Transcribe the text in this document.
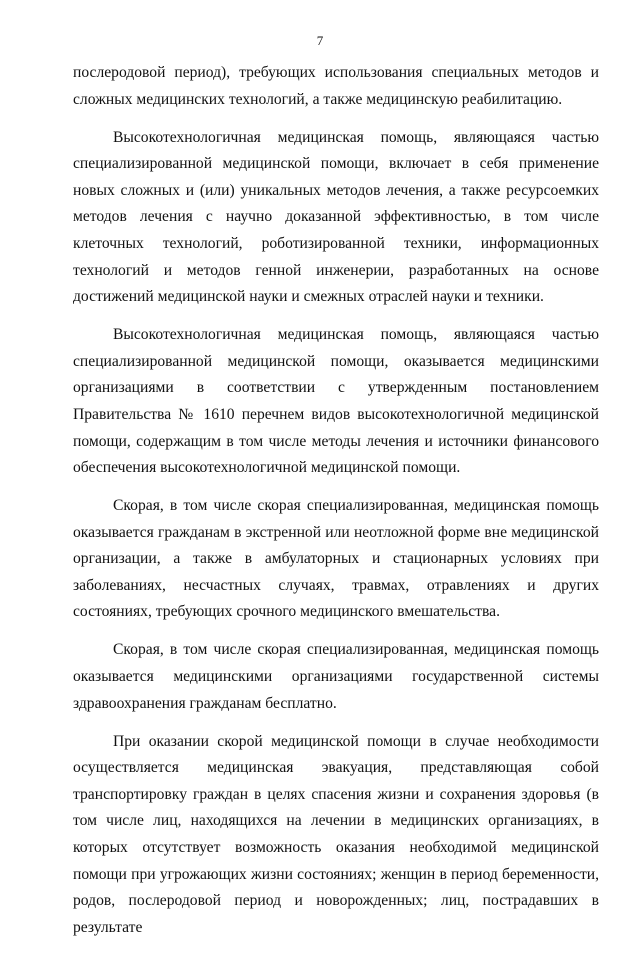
7

послеродовой период), требующих использования специальных методов и сложных медицинских технологий, а также медицинскую реабилитацию.

Высокотехнологичная медицинская помощь, являющаяся частью специализированной медицинской помощи, включает в себя применение новых сложных и (или) уникальных методов лечения, а также ресурсоемких методов лечения с научно доказанной эффективностью, в том числе клеточных технологий, роботизированной техники, информационных технологий и методов генной инженерии, разработанных на основе достижений медицинской науки и смежных отраслей науки и техники.

Высокотехнологичная медицинская помощь, являющаяся частью специализированной медицинской помощи, оказывается медицинскими организациями в соответствии с утвержденным постановлением Правительства № 1610 перечнем видов высокотехнологичной медицинской помощи, содержащим в том числе методы лечения и источники финансового обеспечения высокотехнологичной медицинской помощи.

Скорая, в том числе скорая специализированная, медицинская помощь оказывается гражданам в экстренной или неотложной форме вне медицинской организации, а также в амбулаторных и стационарных условиях при заболеваниях, несчастных случаях, травмах, отравлениях и других состояниях, требующих срочного медицинского вмешательства.

Скорая, в том числе скорая специализированная, медицинская помощь оказывается медицинскими организациями государственной системы здравоохранения гражданам бесплатно.

При оказании скорой медицинской помощи в случае необходимости осуществляется медицинская эвакуация, представляющая собой транспортировку граждан в целях спасения жизни и сохранения здоровья (в том числе лиц, находящихся на лечении в медицинских организациях, в которых отсутствует возможность оказания необходимой медицинской помощи при угрожающих жизни состояниях; женщин в период беременности, родов, послеродовой период и новорожденных; лиц, пострадавших в результате
